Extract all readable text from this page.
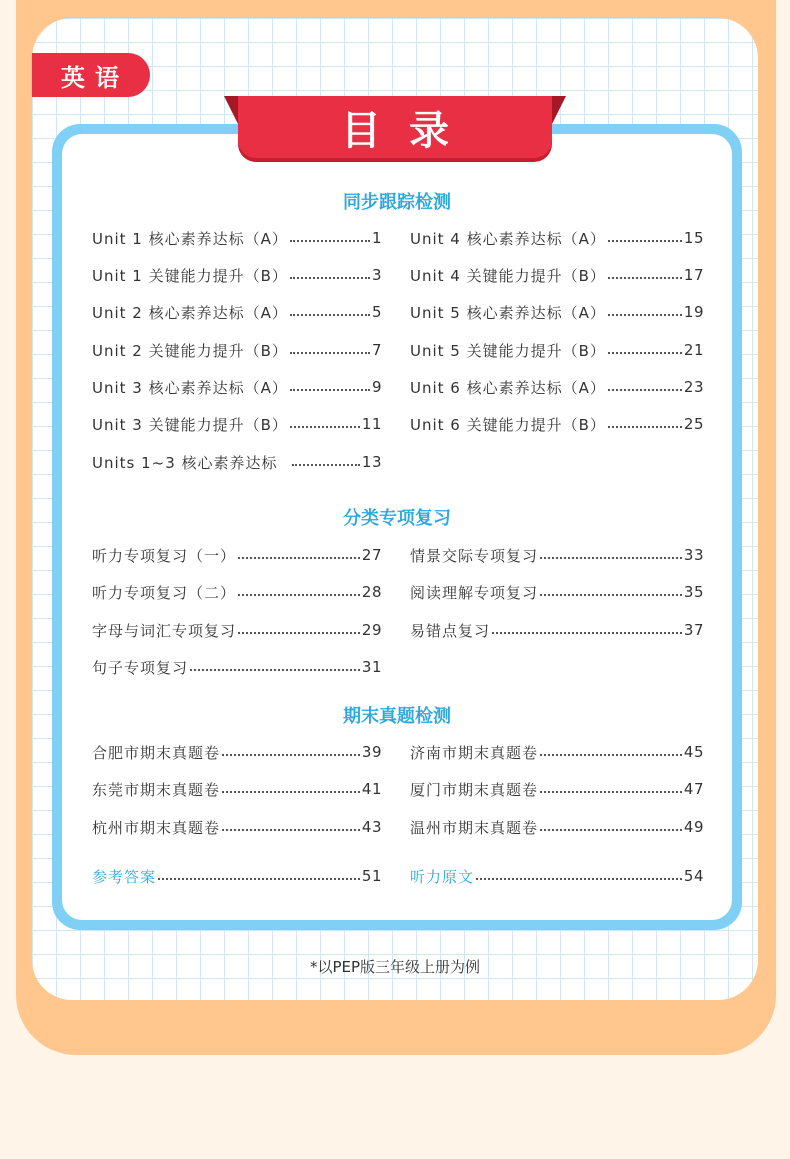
英语
目录
同步跟踪检测
Unit 1 核心素养达标（A）	1
Unit 1 关键能力提升（B）	3
Unit 2 核心素养达标（A）	5
Unit 2 关键能力提升（B）	7
Unit 3 核心素养达标（A）	9
Unit 3 关键能力提升（B）	11
Units 1~3 核心素养达标	13
Unit 4 核心素养达标（A）	15
Unit 4 关键能力提升（B）	17
Unit 5 核心素养达标（A）	19
Unit 5 关键能力提升（B）	21
Unit 6 核心素养达标（A）	23
Unit 6 关键能力提升（B）	25
分类专项复习
听力专项复习（一）	27
听力专项复习（二）	28
字母与词汇专项复习	29
句子专项复习	31
情景交际专项复习	33
阅读理解专项复习	35
易错点复习	37
期末真题检测
合肥市期末真题卷	39
东莞市期末真题卷	41
杭州市期末真题卷	43
济南市期末真题卷	45
厦门市期末真题卷	47
温州市期末真题卷	49
参考答案	51 听力原文	54
*以PEP版三年级上册为例
